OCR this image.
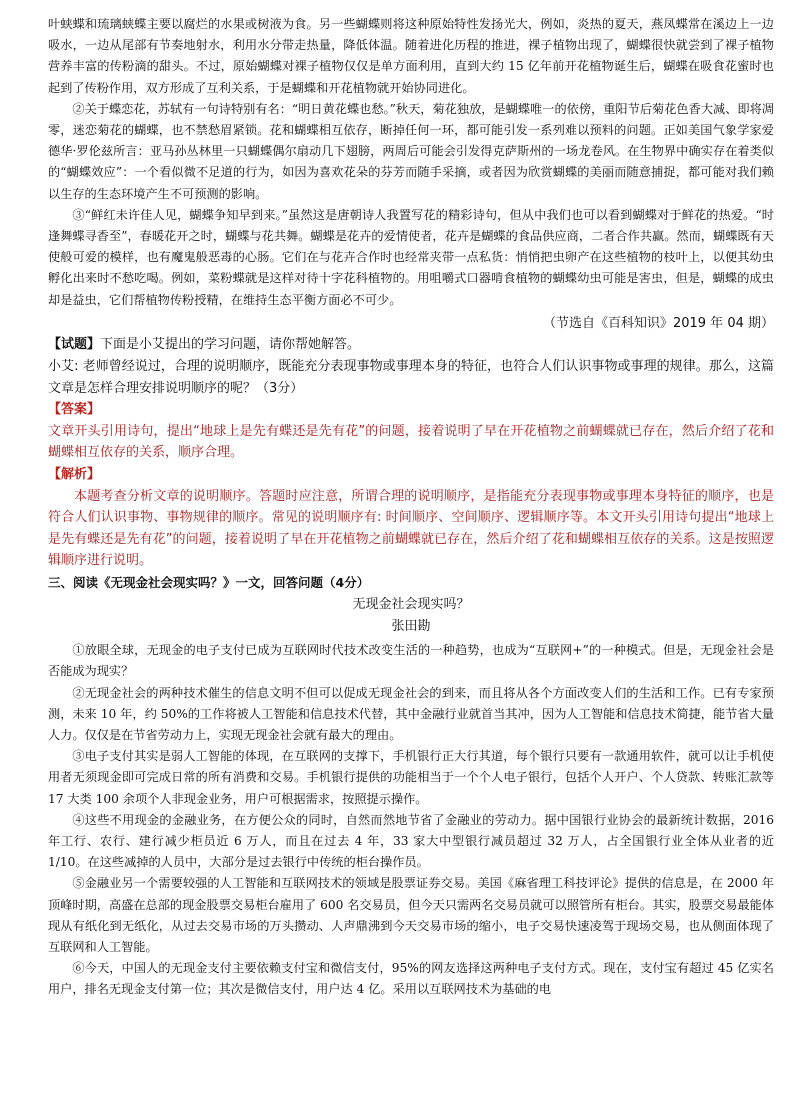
叶蛱蝶和琉璃蛱蝶主要以腐烂的水果或树液为食。另一些蝴蝶则将这种原始特性发扬光大，例如，炎热的夏天，燕凤蝶常在溪边上一边吸水，一边从尾部有节奏地射水，利用水分带走热量，降低体温。随着进化历程的推进，裸子植物出现了，蝴蝶很快就尝到了裸子植物营养丰富的传粉滴的甜头。不过，原始蝴蝶对裸子植物仅仅是单方面利用，直到大约 15 亿年前开花植物诞生后，蝴蝶在吸食花蜜时也起到了传粉作用，双方形成了互利关系，于是蝴蝶和开花植物就开始协同进化。

②关于蝶恋花，苏轼有一句诗特别有名：“明日黄花蝶也愁。”秋天，菊花独放，是蝴蝶唯一的依傍，重阳节后菊花色香大减、即将凋零，迷恋菊花的蝴蝶，也不禁愁眉紧锁。花和蝴蝶相互依存，断掉任何一环，都可能引发一系列难以预料的问题。正如美国气象学家爱德华·罗伦兹所言：亚马孙丛林里一只蝴蝶偶尔扇动几下翅膀，两周后可能会引发得克萨斯州的一场龙卷风。在生物界中确实存在着类似的“蝴蝶效应”：一个看似微不足道的行为，如因为喜欢花朵的芬芳而随手采摘，或者因为欣赏蝴蝶的美丽而随意捕捉，都可能对我们赖以生存的生态环境产生不可预测的影响。

③“鲜红未许佳人见，蝴蝶争知早到来。”虽然这是唐朝诗人我置写花的精彩诗句，但从中我们也可以看到蝴蝶对于鲜花的热爱。“时逢舞蝶寻香至”，春暖花开之时，蝴蝶与花共舞。蝴蝶是花卉的爱情使者，花卉是蝴蝶的食品供应商，二者合作共赢。然而，蝴蝶既有天使般可爱的模样，也有魔鬼般恶毒的心肠。它们在与花卉合作时也经常夹带一点私货：悄悄把虫卵产在这些植物的枝叶上，以便其幼虫孵化出来时不愁吃喝。例如，菜粉蝶就是这样对待十字花科植物的。用咀嚼式口器啃食植物的蝴蝶幼虫可能是害虫，但是，蝴蝶的成虫却是益虫，它们帮植物传粉授精，在维持生态平衡方面必不可少。

（节选自《百科知识》2019 年 04 期）

【试题】下面是小艾提出的学习问题，请你帮她解答。

小艾: 老师曾经说过，合理的说明顺序，既能充分表现事物或事理本身的特征，也符合人们认识事物或事理的规律。那么，这篇文章是怎样合理安排说明顺序的呢？（3分）

【答案】

文章开头引用诗句，提出“地球上是先有蝶还是先有花”的问题，接着说明了早在开花植物之前蝴蝶就已存在，然后介绍了花和蝴蝶相互依存的关系，顺序合理。

【解析】

本题考查分析文章的说明顺序。答题时应注意，所谓合理的说明顺序，是指能充分表现事物或事理本身特征的顺序，也是符合人们认识事物、事物规律的顺序。常见的说明顺序有: 时间顺序、空间顺序、逻辑顺序等。本文开头引用诗句提出“地球上是先有蝶还是先有花”的问题，接着说明了早在开花植物之前蝴蝶就已存在，然后介绍了花和蝴蝶相互依存的关系。这是按照逻辑顺序进行说明。

三、阅读《无现金社会现实吗？》一文，回答问题（4分）

无现金社会现实吗？

张田勘

①放眼全球，无现金的电子支付已成为互联网时代技术改变生活的一种趋势，也成为“互联网+”的一种模式。但是，无现金社会是否能成为现实？

②无现金社会的两种技术催生的信息文明不但可以促成无现金社会的到来，而且将从各个方面改变人们的生活和工作。已有专家预测，未来 10 年，约 50%的工作将被人工智能和信息技术代替，其中金融行业就首当其冲，因为人工智能和信息技术简捷，能节省大量人力。仅仅是在节省劳动力上，实现无现金社会就有最大的理由。

③电子支付其实是弱人工智能的体现，在互联网的支撑下，手机银行正大行其道，每个银行只要有一款通用软件，就可以让手机使用者无须现金即可完成日常的所有消费和交易。手机银行提供的功能相当于一个个人电子银行，包括个人开户、个人贷款、转账汇款等 17 大类 100 余项个人非现金业务，用户可根据需求，按照提示操作。

④这些不用现金的金融业务，在方便公众的同时，自然而然地节省了金融业的劳动力。据中国银行业协会的最新统计数据，2016 年工行、农行、建行减少柜员近 6 万人，而且在过去 4 年，33 家大中型银行减员超过 32 万人，占全国银行业全体从业者的近 1/10。在这些减掉的人员中，大部分是过去银行中传统的柜台操作员。

⑤金融业另一个需要较强的人工智能和互联网技术的领域是股票证券交易。美国《麻省理工科技评论》提供的信息是，在 2000 年顶峰时期，高盛在总部的现金股票交易柜台雇用了 600 名交易员，但今天只需两名交易员就可以照管所有柜台。其实，股票交易最能体现从有纸化到无纸化，从过去交易市场的万头攒动、人声鼎沸到今天交易市场的缩小，电子交易快速凌驾于现场交易，也从侧面体现了互联网和人工智能。

⑥今天，中国人的无现金支付主要依赖支付宝和微信支付，95%的网友选择这两种电子支付方式。现在，支付宝有超过 45 亿实名用户，排名无现金支付第一位；其次是微信支付，用户达 4 亿。采用以互联网技术为基础的电
